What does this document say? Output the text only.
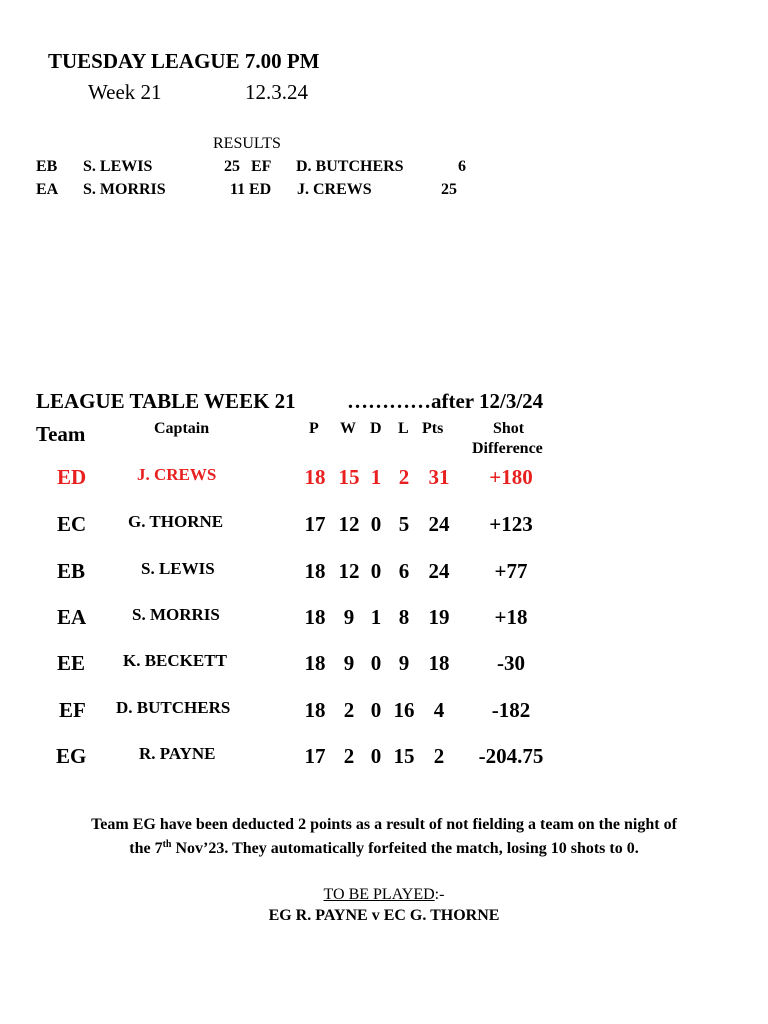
TUESDAY LEAGUE 7.00 PM
Week 21	12.3.24
RESULTS
EB S. LEWIS	25 EF D. BUTCHERS	6
EA S. MORRIS	11 ED J. CREWS	25
LEAGUE TABLE WEEK 21 …………after 12/3/24
Team	Captain	P W D L Pts	Shot
Difference
ED	J. CREWS	18 15 1 2 31	+180
EC G. THORNE	17 12 0 5 24	+123
EB	S. LEWIS	18 12 0 6 24	+77
EA	S. MORRIS	18 9 1 8 19	+18
EE K. BECKETT	18 9 0 9 18	-30
EF D. BUTCHERS	18 2 0 16 4	-182
EG	R. PAYNE	17 2 0 15 2	-204.75
Team EG have been deducted 2 points as a result of not fielding a team on the night of
the 7th Nov’23. They automatically forfeited the match, losing 10 shots to 0.
TO BE PLAYED:-
EG R. PAYNE v EC G. THORNE
